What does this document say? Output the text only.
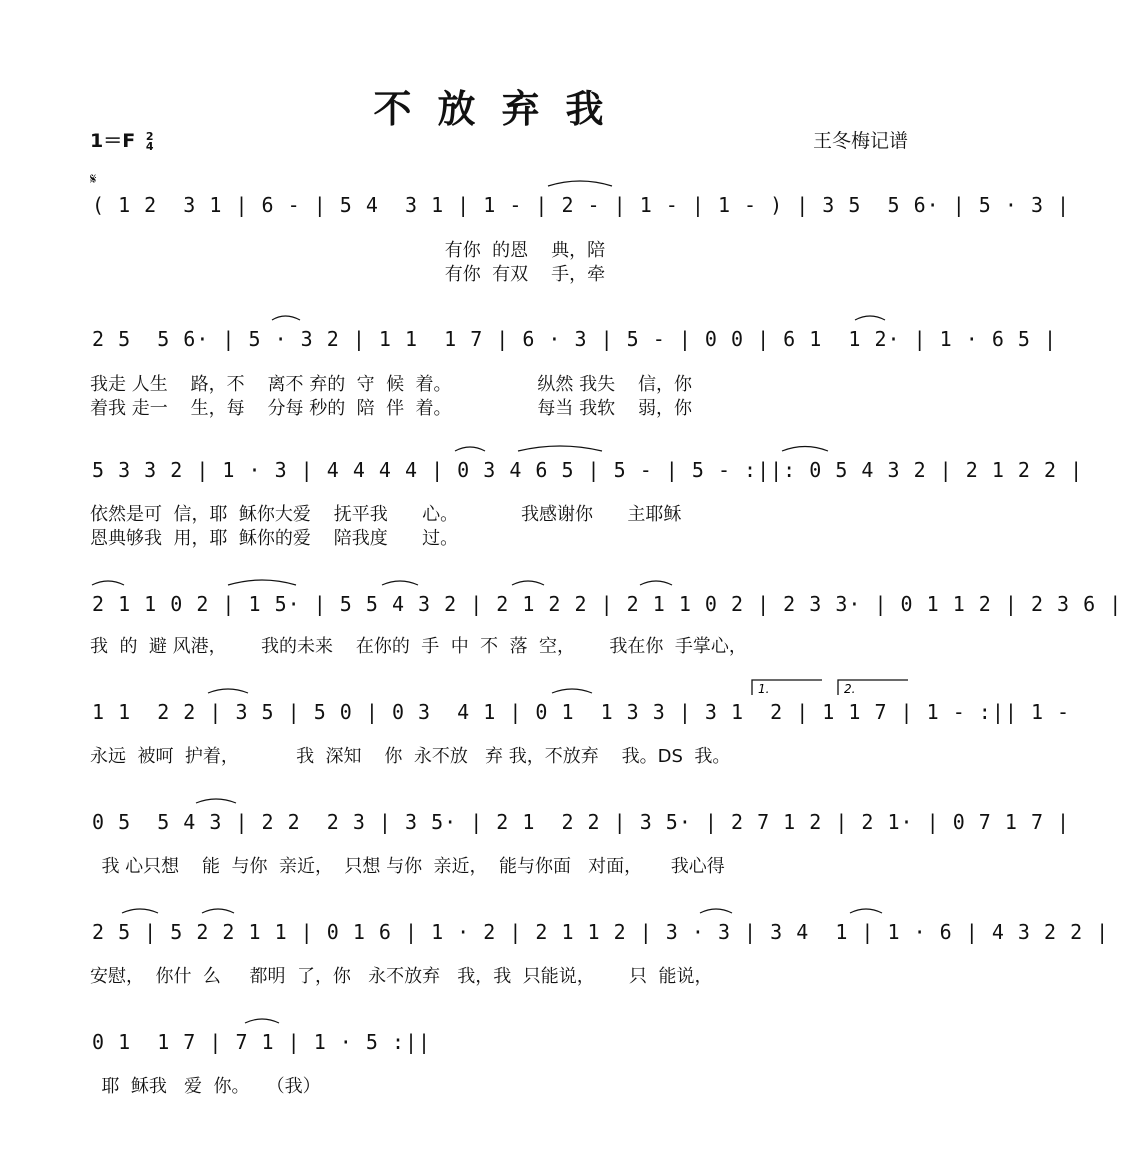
不放弃我
1＝F 2
4	王冬梅记谱
𝄋
( 1 2  3 1 | 6 - | 5 4  3 1 | 1 - | 2 - | 1 - | 1 - ) | 3 5  5 6· | 5 · 3 |
有你  的恩    典，陪
有你  有双    手，牵
2 5  5 6· | 5 · 3 2 | 1 1  1 7 | 6 · 3 | 5 - | 0 0 | 6 1  1 2· | 1 · 6 5 |
我走 人生    路，不    离不 弃的  守  候  着。               纵然 我失    信，你
着我 走一    生，每    分每 秒的  陪  伴  着。               每当 我软    弱，你
5 3 3 2 | 1 · 3 | 4 4 4 4 | 0 3 4 6 5 | 5 - | 5 - :||: 0 5 4 3 2 | 2 1 2 2 |
依然是可  信，耶  稣你大爱    抚平我      心。           我感谢你      主耶稣
恩典够我  用，耶  稣你的爱    陪我度      过。
2 1 1 0 2 | 1 5· | 5 5 4 3 2 | 2 1 2 2 | 2 1 1 0 2 | 2 3 3· | 0 1 1 2 | 2 3 6 |
我  的  避 风港，      我的未来    在你的  手  中  不  落  空，      我在你  手掌心，
1 1  2 2 | 3 5 | 5 0 | 0 3  4 1 | 0 1  1 3 3 | 3 1  2 | 1 1 7 | 1 - :|| 1 -
永远  被呵  护着，          我  深知    你  永不放   弃 我，不放弃    我。DS  我。
0 5  5 4 3 | 2 2  2 3 | 3 5· | 2 1  2 2 | 3 5· | 2 7 1 2 | 2 1· | 0 7 1 7 |
我 心只想    能  与你  亲近，  只想 与你  亲近，  能与你面   对面，     我心得
2 5 | 5 2 2 1 1 | 0 1 6 | 1 · 2 | 2 1 1 2 | 3 · 3 | 3 4  1 | 1 · 6 | 4 3 2 2 |
安慰，  你什  么     都明  了，你   永不放弃   我，我  只能说，      只  能说，
0 1  1 7 | 7 1 | 1 · 5 :||
耶  稣我   爱  你。   （我）
1.	2.
